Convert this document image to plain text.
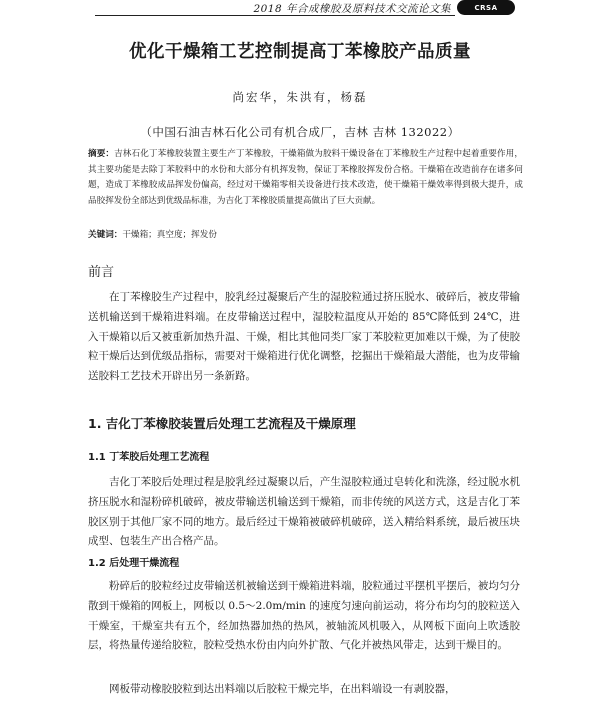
2018 年合成橡胶及原料技术交流论文集	CRSA
优化干燥箱工艺控制提高丁苯橡胶产品质量
尚宏华，朱洪有，杨磊
（中国石油吉林石化公司有机合成厂，吉林 吉林 132022）

摘要：吉林石化丁苯橡胶装置主要生产丁苯橡胶，干燥箱做为胶料干燥设备在丁苯橡胶生产过程中起着重要作用，其主要功能是去除丁苯胶料中的水份和大部分有机挥发物，保证丁苯橡胶挥发份合格。干燥箱在改造前存在诸多问题，造成丁苯橡胶成品挥发份偏高，经过对干燥箱零相关设备进行技术改造，使干燥箱干燥效率得到极大提升，成品胶挥发份全部达到优级品标准，为吉化丁苯橡胶质量提高做出了巨大贡献。

关键词：干燥箱；真空度；挥发份

前言

在丁苯橡胶生产过程中，胶乳经过凝聚后产生的湿胶粒通过挤压脱水、破碎后，被皮带输送机输送到干燥箱进料端。在皮带输送过程中，湿胶粒温度从开始的 85℃降低到 24℃，进入干燥箱以后又被重新加热升温、干燥，相比其他同类厂家丁苯胶粒更加难以干燥，为了使胶粒干燥后达到优级品指标，需要对干燥箱进行优化调整，挖掘出干燥箱最大潜能，也为皮带输送胶料工艺技术开辟出另一条新路。

1. 吉化丁苯橡胶装置后处理工艺流程及干燥原理
1.1 丁苯胶后处理工艺流程

吉化丁苯胶后处理过程是胶乳经过凝聚以后，产生湿胶粒通过皂转化和洗涤，经过脱水机挤压脱水和湿粉碎机破碎，被皮带输送机输送到干燥箱，而非传统的风送方式，这是吉化丁苯胶区别于其他厂家不同的地方。最后经过干燥箱被破碎机破碎，送入精给料系统，最后被压块成型、包装生产出合格产品。

1.2 后处理干燥流程

粉碎后的胶粒经过皮带输送机被输送到干燥箱进料端，胶粒通过平摆机平摆后，被均匀分散到干燥箱的网板上，网板以 0.5～2.0m/min 的速度匀速向前运动，将分布均匀的胶粒送入干燥室，干燥室共有五个，经加热器加热的热风，被轴流风机吸入，从网板下面向上吹透胶层，将热量传递给胶粒，胶粒受热水份由内向外扩散、气化并被热风带走，达到干燥目的。

网板带动橡胶胶粒到达出料端以后胶粒干燥完毕，在出料端设一有剥胶器，
